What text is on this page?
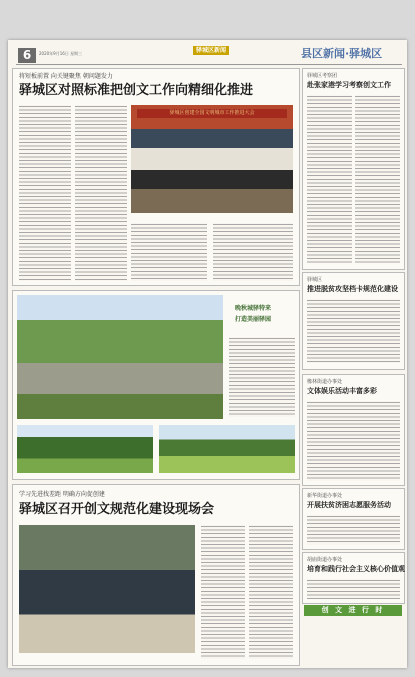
6	2020年9月16日 星期三	驿城区新闻	县区新闻·驿城区
将短板前置 向关键聚焦 朝问题发力
驿城区对照标准把创文工作向精细化推进
驿城区创建全国文明城市工作推进大会
晚秋城驿特来
打造美丽驿园
学习先进找差距 明确方向促创建
驿城区召开创文规范化建设现场会
驿城区考察团
赴张家港学习考察创文工作
驿城区
推进脱贫攻坚档卡规范化建设
橡林街道办事处
文体娱乐活动丰富多彩
新华街道办事处
开展扶贫济困志愿服务活动
胡庙街道办事处
培育和践行社会主义核心价值观
创 文 进 行 时
